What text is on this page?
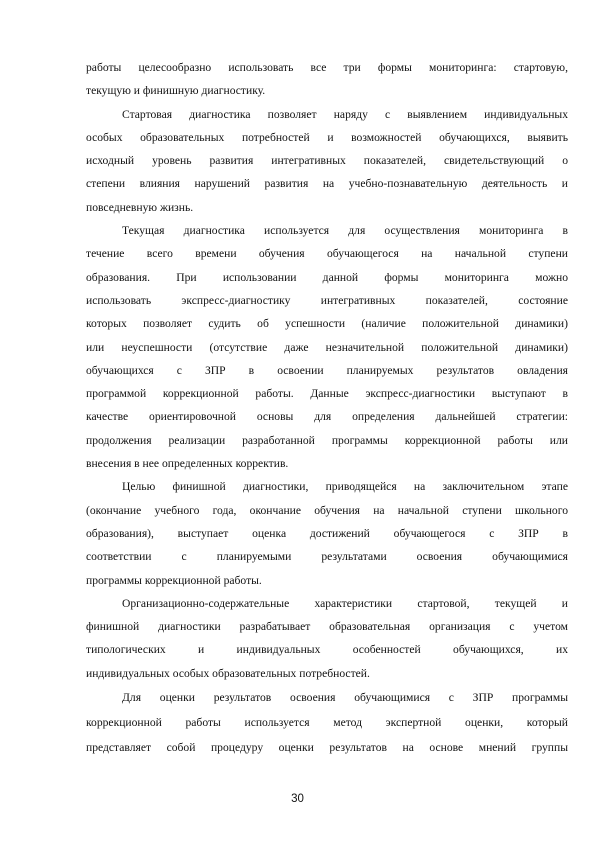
работы целесообразно использовать все три формы мониторинга: стартовую,
текущую и финишную диагностику.
Стартовая диагностика позволяет наряду с выявлением индивидуальных
особых образовательных потребностей и возможностей обучающихся, выявить
исходный уровень развития интегративных показателей, свидетельствующий о
степени влияния нарушений развития на учебно-познавательную деятельность и
повседневную жизнь.
Текущая диагностика используется для осуществления мониторинга в
течение всего времени обучения обучающегося на начальной ступени
образования. При использовании данной формы мониторинга можно
использовать экспресс-диагностику интегративных показателей, состояние
которых позволяет судить об успешности (наличие положительной динамики)
или неуспешности (отсутствие даже незначительной положительной динамики)
обучающихся с ЗПР в освоении планируемых результатов овладения
программой коррекционной работы. Данные экспресс-диагностики выступают в
качестве ориентировочной основы для определения дальнейшей стратегии:
продолжения реализации разработанной программы коррекционной работы или
внесения в нее определенных корректив.
Целью финишной диагностики, приводящейся на заключительном этапе
(окончание учебного года, окончание обучения на начальной ступени школьного
образования), выступает оценка достижений обучающегося с ЗПР в
соответствии с планируемыми результатами освоения обучающимися
программы коррекционной работы.
Организационно-содержательные характеристики стартовой, текущей и
финишной диагностики разрабатывает образовательная организация с учетом
типологических и индивидуальных особенностей обучающихся, их
индивидуальных особых образовательных потребностей.
Для оценки результатов освоения обучающимися с ЗПР программы
коррекционной работы используется метод экспертной оценки, который
представляет собой процедуру оценки результатов на основе мнений группы
30
